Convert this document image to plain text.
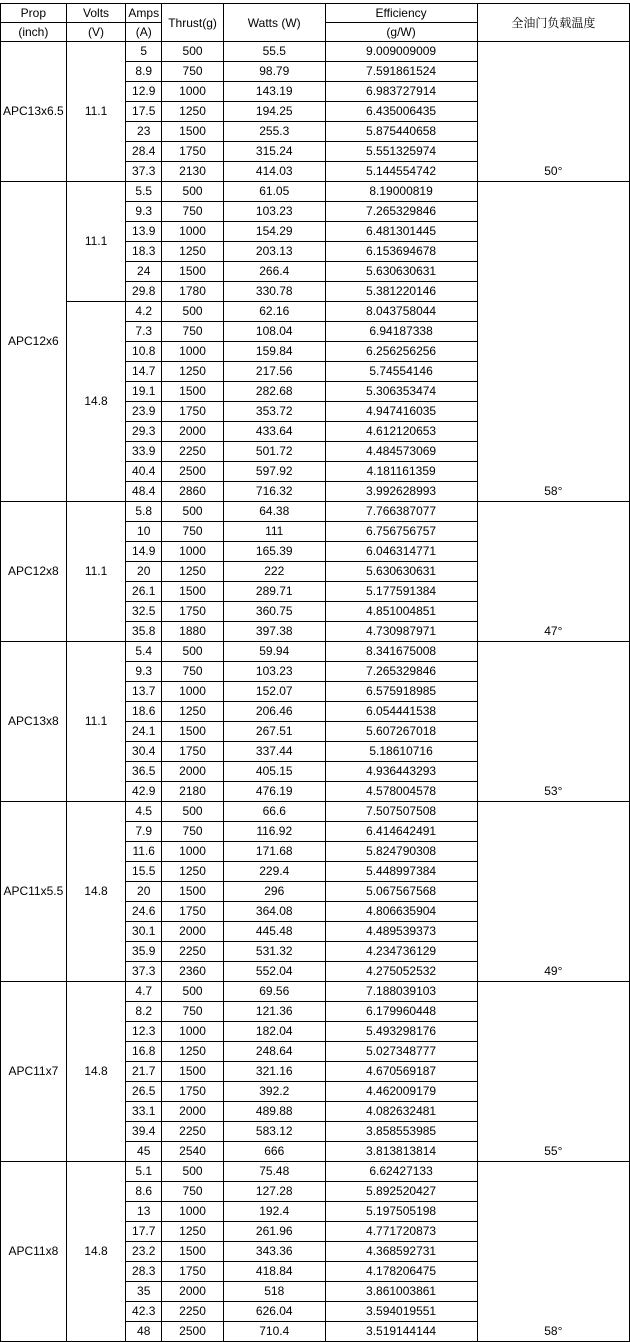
Prop	Volts	Amps	Thrust(g)	Watts (W)	Efficiency	全油门负载温度
(inch)	(V)	(A)			(g/W)	
APC13x6.5	11.1	5	500	55.5	9.009009009	50°
		8.9	750	98.79	7.591861524	
		12.9	1000	143.19	6.983727914	
		17.5	1250	194.25	6.435006435	
		23	1500	255.3	5.875440658	
		28.4	1750	315.24	5.551325974	
		37.3	2130	414.03	5.144554742	
APC12x6	11.1	5.5	500	61.05	8.19000819	58°
		9.3	750	103.23	7.265329846	
		13.9	1000	154.29	6.481301445	
		18.3	1250	203.13	6.153694678	
		24	1500	266.4	5.630630631	
		29.8	1780	330.78	5.381220146	
	14.8	4.2	500	62.16	8.043758044	
		7.3	750	108.04	6.94187338	
		10.8	1000	159.84	6.256256256	
		14.7	1250	217.56	5.74554146	
		19.1	1500	282.68	5.306353474	
		23.9	1750	353.72	4.947416035	
		29.3	2000	433.64	4.612120653	
		33.9	2250	501.72	4.484573069	
		40.4	2500	597.92	4.181161359	
		48.4	2860	716.32	3.992628993	
APC12x8	11.1	5.8	500	64.38	7.766387077	47°
		10	750	111	6.756756757	
		14.9	1000	165.39	6.046314771	
		20	1250	222	5.630630631	
		26.1	1500	289.71	5.177591384	
		32.5	1750	360.75	4.851004851	
		35.8	1880	397.38	4.730987971	
APC13x8	11.1	5.4	500	59.94	8.341675008	53°
		9.3	750	103.23	7.265329846	
		13.7	1000	152.07	6.575918985	
		18.6	1250	206.46	6.054441538	
		24.1	1500	267.51	5.607267018	
		30.4	1750	337.44	5.18610716	
		36.5	2000	405.15	4.936443293	
		42.9	2180	476.19	4.578004578	
APC11x5.5	14.8	4.5	500	66.6	7.507507508	49°
		7.9	750	116.92	6.414642491	
		11.6	1000	171.68	5.824790308	
		15.5	1250	229.4	5.448997384	
		20	1500	296	5.067567568	
		24.6	1750	364.08	4.806635904	
		30.1	2000	445.48	4.489539373	
		35.9	2250	531.32	4.234736129	
		37.3	2360	552.04	4.275052532	
APC11x7	14.8	4.7	500	69.56	7.188039103	55°
		8.2	750	121.36	6.179960448	
		12.3	1000	182.04	5.493298176	
		16.8	1250	248.64	5.027348777	
		21.7	1500	321.16	4.670569187	
		26.5	1750	392.2	4.462009179	
		33.1	2000	489.88	4.082632481	
		39.4	2250	583.12	3.858553985	
		45	2540	666	3.813813814	
APC11x8	14.8	5.1	500	75.48	6.62427133	58°
		8.6	750	127.28	5.892520427	
		13	1000	192.4	5.197505198	
		17.7	1250	261.96	4.771720873	
		23.2	1500	343.36	4.368592731	
		28.3	1750	418.84	4.178206475	
		35	2000	518	3.861003861	
		42.3	2250	626.04	3.594019551	
		48	2500	710.4	3.519144144	
